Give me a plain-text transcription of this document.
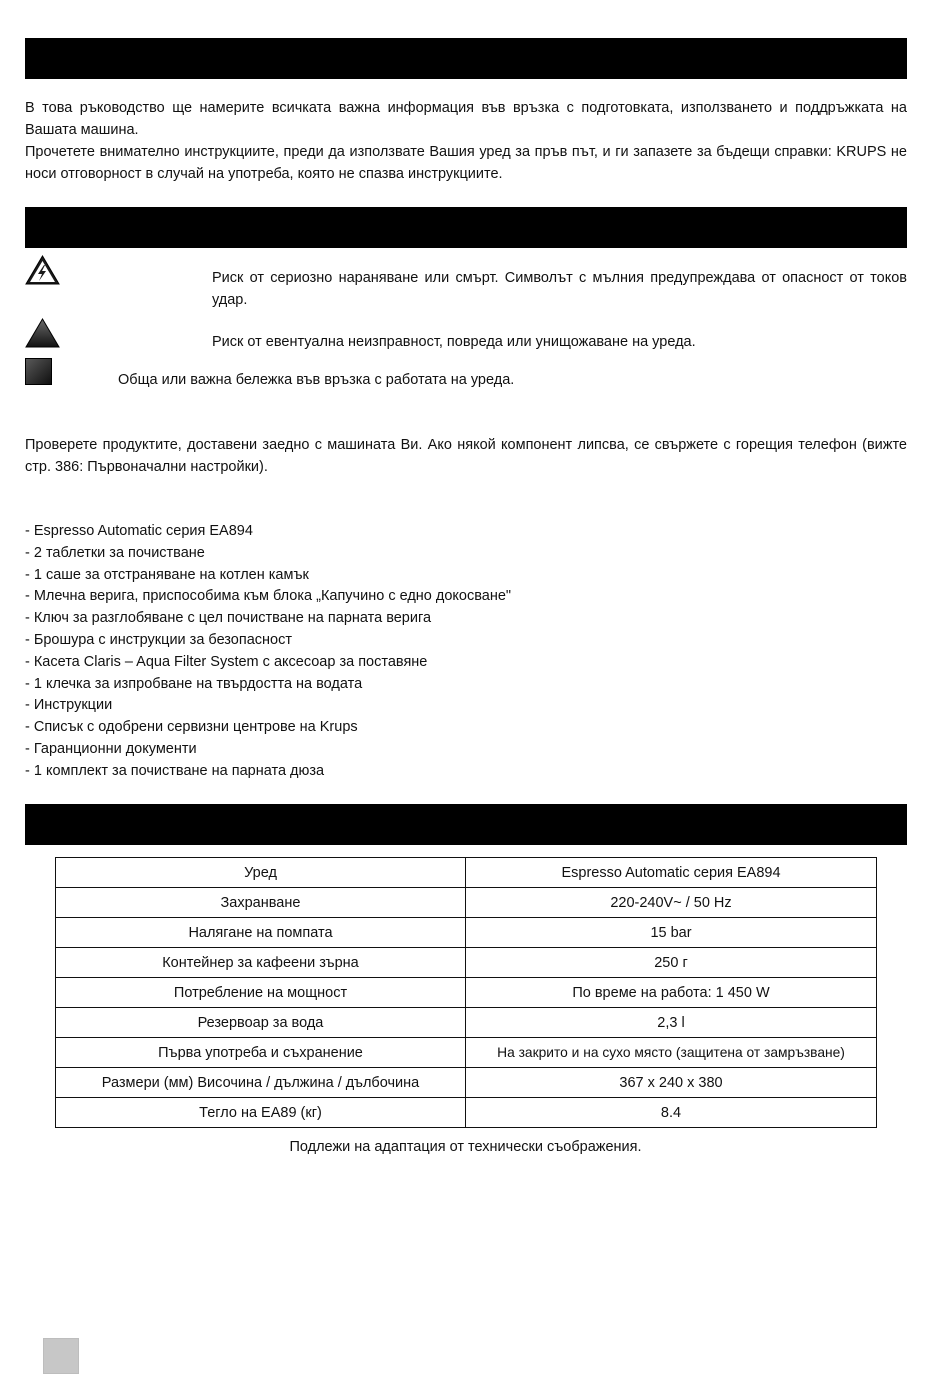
В това ръководство ще намерите всичката важна информация във връзка с подготовката, използването и поддръжката на Вашата машина.

Прочетете внимателно инструкциите, преди да използвате Вашия уред за пръв път, и ги запазете за бъдещи справки: KRUPS не носи отговорност в случай на употреба, която не спазва инструкциите.

Риск от сериозно нараняване или смърт. Символът с мълния предупреждава от опасност от токов удар.
Риск от евентуална неизправност, повреда или унищожаване на уреда.
Обща или важна бележка във връзка с работата на уреда.

Проверете продуктите, доставени заедно с машината Ви. Ако някой компонент липсва, се свържете с горещия телефон (вижте стр. 386: Първоначални настройки).

- Espresso Automatic серия EA894
- 2 таблетки за почистване
- 1 саше за отстраняване на котлен камък
- Млечна верига, приспособима към блока „Капучино с едно докосване"
- Ключ за разглобяване с цел почистване на парната верига
- Брошура с инструкции за безопасност
- Касета Claris – Aqua Filter System с аксесоар за поставяне
- 1 клечка за изпробване на твърдостта на водата
- Инструкции
- Списък с одобрени сервизни центрове на Krups
- Гаранционни документи
- 1 комплект за почистване на парната дюза
Уред	Espresso Automatic серия EA894
Захранване	220-240V~ / 50 Hz
Налягане на помпата	15 bar
Контейнер за кафеени зърна	250 г
Потребление на мощност	По време на работа: 1 450 W
Резервоар за вода	2,3 l
Първа употреба и съхранение	На закрито и на сухо място (защитена от замръзване)
Размери (мм) Височина / дължина / дълбочина	367 x 240 x 380
Тегло на EA89 (кг)	8.4
Подлежи на адаптация от технически съображения.
